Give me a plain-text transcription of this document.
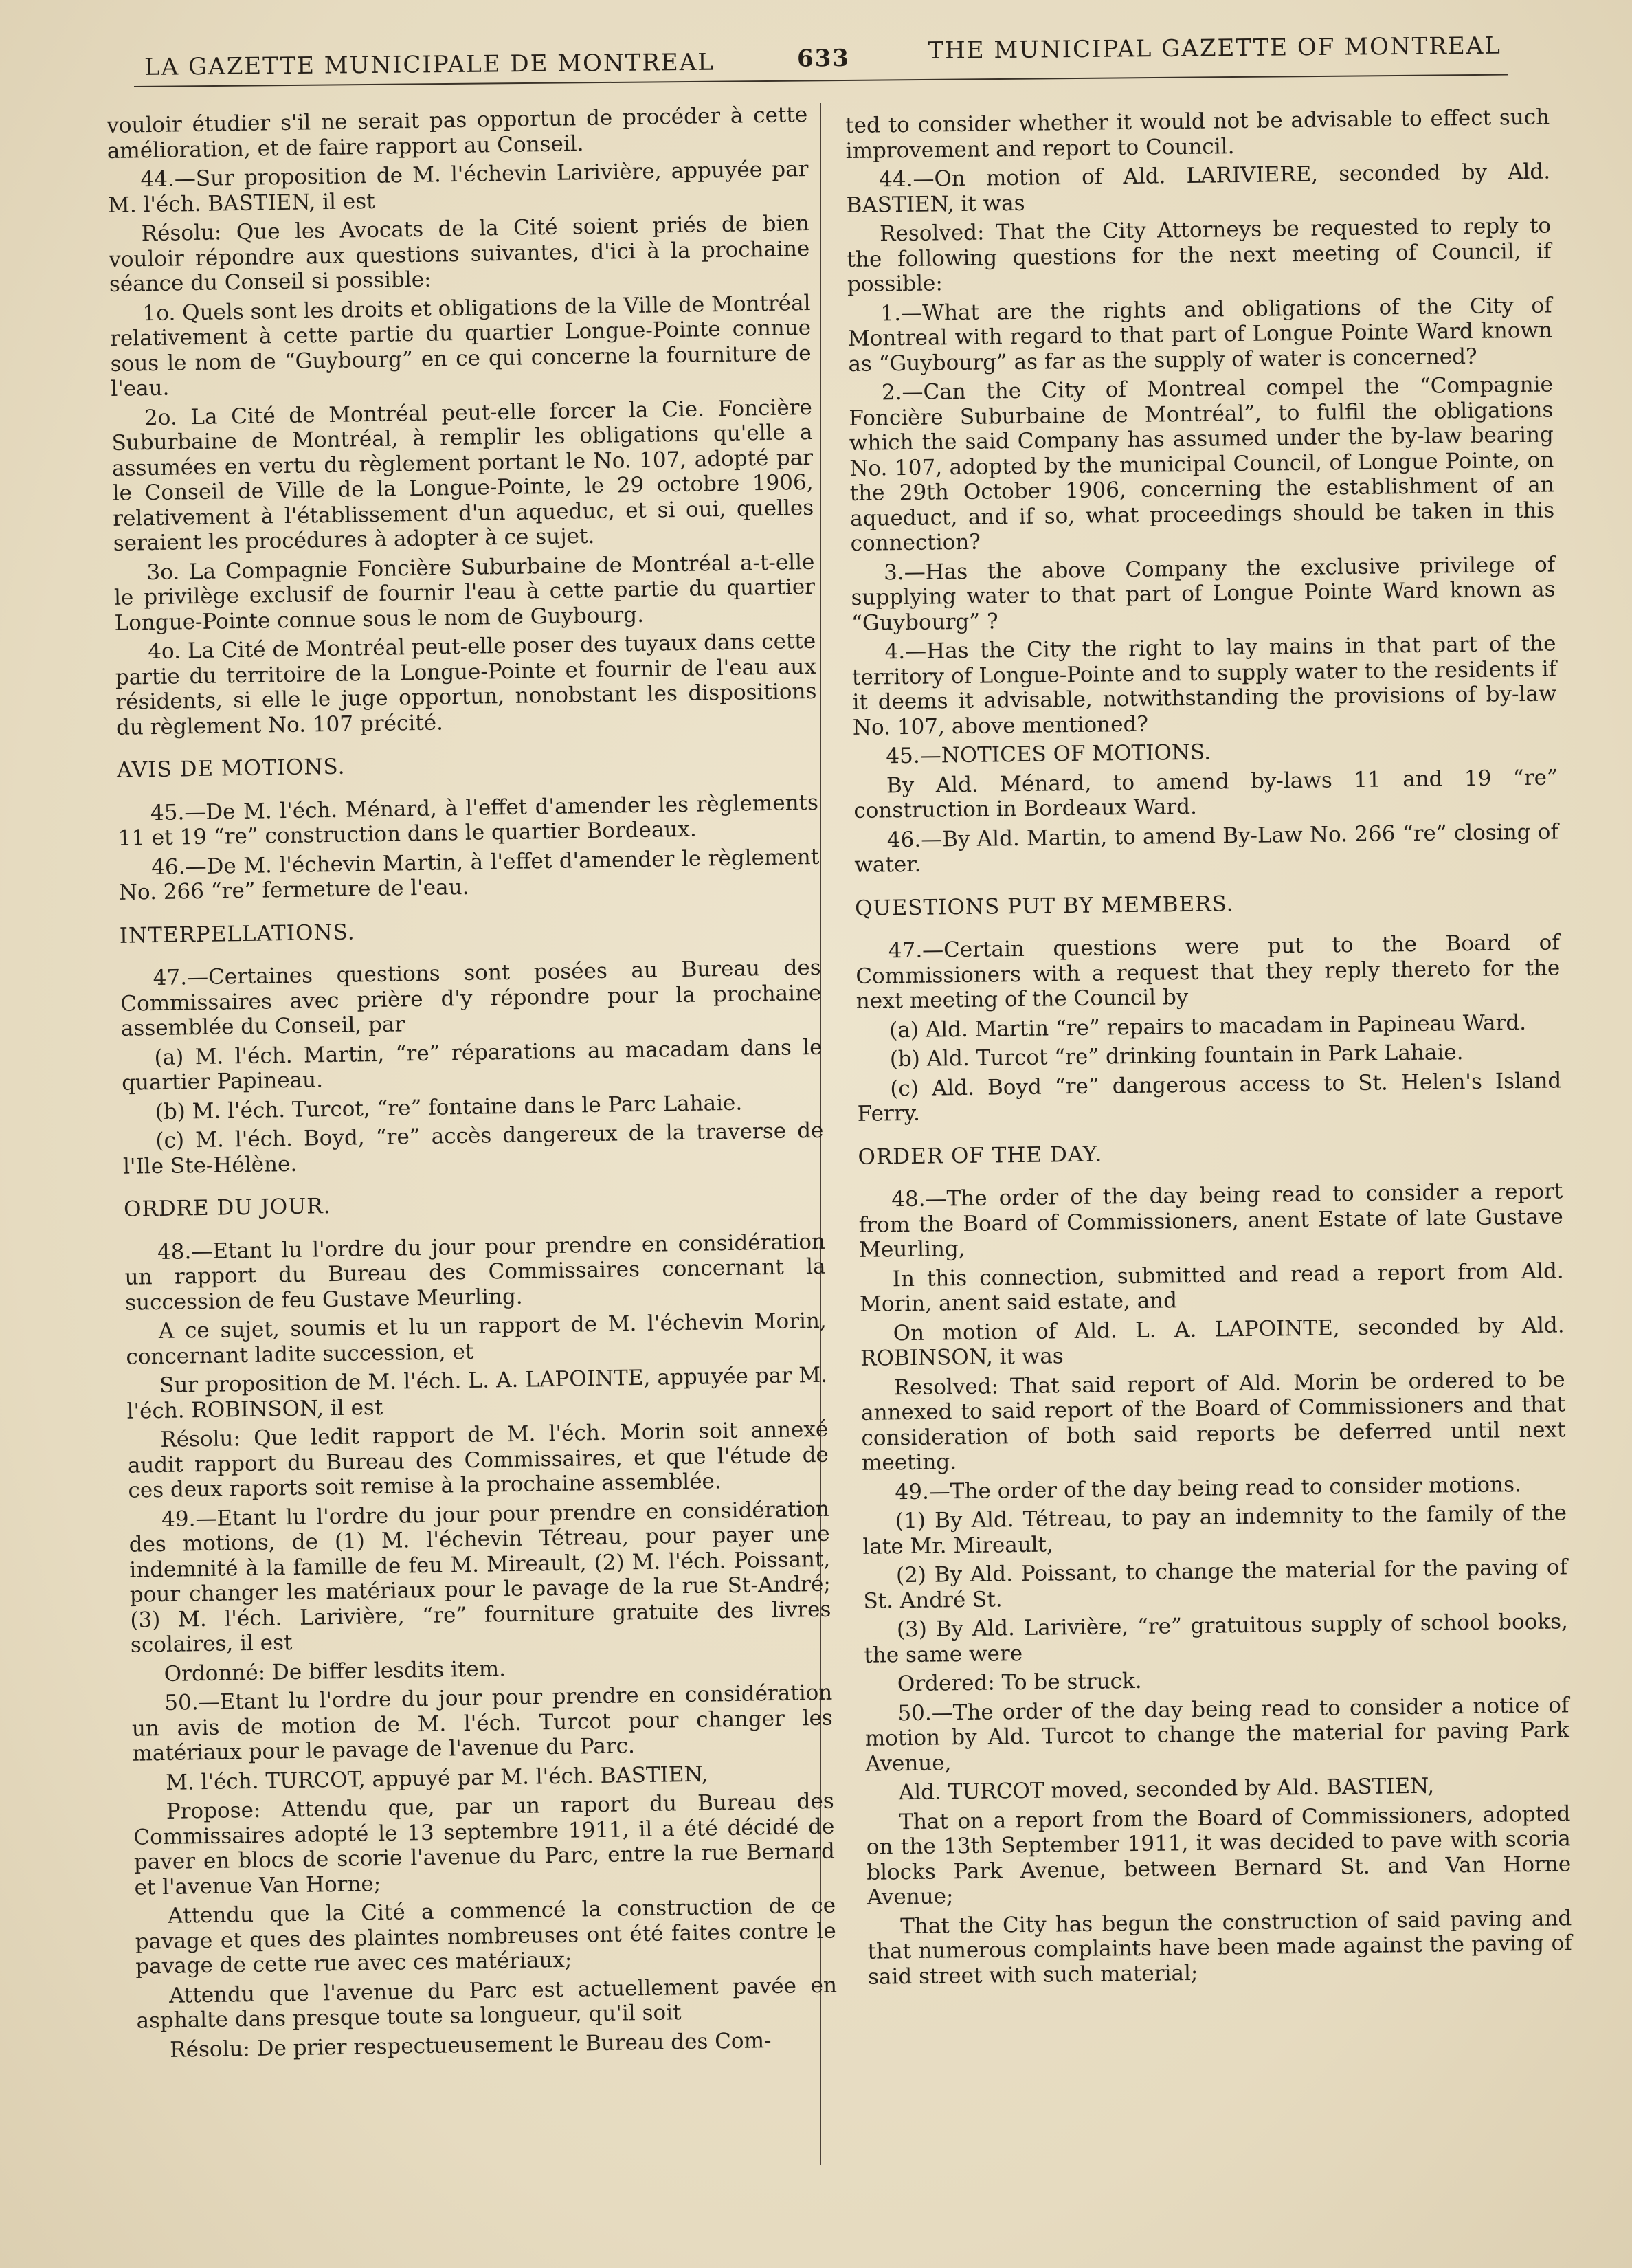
LA GAZETTE MUNICIPALE DE MONTREAL	633	THE MUNICIPAL GAZETTE OF MONTREAL

vouloir étudier s'il ne serait pas opportun de procéder à cette amélioration, et de faire rapport au Conseil.

44.—Sur proposition de M. l'échevin Larivière, appuyée par M. l'éch. BASTIEN, il est

Résolu: Que les Avocats de la Cité soient priés de bien vouloir répondre aux questions suivantes, d'ici à la prochaine séance du Conseil si possible:

1o. Quels sont les droits et obligations de la Ville de Montréal relativement à cette partie du quartier Longue-Pointe connue sous le nom de “Guybourg” en ce qui concerne la fourniture de l'eau.

2o. La Cité de Montréal peut-elle forcer la Cie. Foncière Suburbaine de Montréal, à remplir les obligations qu'elle a assumées en vertu du règlement portant le No. 107, adopté par le Conseil de Ville de la Longue-Pointe, le 29 octobre 1906, relativement à l'établissement d'un aqueduc, et si oui, quelles seraient les procédures à adopter à ce sujet.

3o. La Compagnie Foncière Suburbaine de Montréal a-t-elle le privilège exclusif de fournir l'eau à cette partie du quartier Longue-Pointe connue sous le nom de Guybourg.

4o. La Cité de Montréal peut-elle poser des tuyaux dans cette partie du territoire de la Longue-Pointe et fournir de l'eau aux résidents, si elle le juge opportun, nonobstant les dispositions du règlement No. 107 précité.

AVIS DE MOTIONS.

45.—De M. l'éch. Ménard, à l'effet d'amender les règlements 11 et 19 “re” construction dans le quartier Bordeaux.

46.—De M. l'échevin Martin, à l'effet d'amender le règlement No. 266 “re” fermeture de l'eau.

INTERPELLATIONS.

47.—Certaines questions sont posées au Bureau des Commissaires avec prière d'y répondre pour la prochaine assemblée du Conseil, par

(a) M. l'éch. Martin, “re” réparations au macadam dans le quartier Papineau.

(b) M. l'éch. Turcot, “re” fontaine dans le Parc Lahaie.

(c) M. l'éch. Boyd, “re” accès dangereux de la traverse de l'Ile Ste-Hélène.

ORDRE DU JOUR.

48.—Etant lu l'ordre du jour pour prendre en considération un rapport du Bureau des Commissaires concernant la succession de feu Gustave Meurling.

A ce sujet, soumis et lu un rapport de M. l'échevin Morin, concernant ladite succession, et

Sur proposition de M. l'éch. L. A. LAPOINTE, appuyée par M. l'éch. ROBINSON, il est

Résolu: Que ledit rapport de M. l'éch. Morin soit annexé audit rapport du Bureau des Commissaires, et que l'étude de ces deux raports soit remise à la prochaine assemblée.

49.—Etant lu l'ordre du jour pour prendre en considération des motions, de (1) M. l'échevin Tétreau, pour payer une indemnité à la famille de feu M. Mireault, (2) M. l'éch. Poissant, pour changer les matériaux pour le pavage de la rue St-André; (3) M. l'éch. Larivière, “re” fourniture gratuite des livres scolaires, il est

Ordonné: De biffer lesdits item.

50.—Etant lu l'ordre du jour pour prendre en considération un avis de motion de M. l'éch. Turcot pour changer les matériaux pour le pavage de l'avenue du Parc.

M. l'éch. TURCOT, appuyé par M. l'éch. BASTIEN,

Propose: Attendu que, par un raport du Bureau des Commissaires adopté le 13 septembre 1911, il a été décidé de paver en blocs de scorie l'avenue du Parc, entre la rue Bernard et l'avenue Van Horne;

Attendu que la Cité a commencé la construction de ce pavage et ques des plaintes nombreuses ont été faites contre le pavage de cette rue avec ces matériaux;

Attendu que l'avenue du Parc est actuellement pavée en asphalte dans presque toute sa longueur, qu'il soit

Résolu: De prier respectueusement le Bureau des Com-

ted to consider whether it would not be advisable to effect such improvement and report to Council.

44.—On motion of Ald. LARIVIERE, seconded by Ald. BASTIEN, it was

Resolved: That the City Attorneys be requested to reply to the following questions for the next meeting of Council, if possible:

1.—What are the rights and obligations of the City of Montreal with regard to that part of Longue Pointe Ward known as “Guybourg” as far as the supply of water is concerned?

2.—Can the City of Montreal compel the “Compagnie Foncière Suburbaine de Montréal”, to fulfil the obligations which the said Company has assumed under the by-law bearing No. 107, adopted by the municipal Council, of Longue Pointe, on the 29th October 1906, concerning the establishment of an aqueduct, and if so, what proceedings should be taken in this connection?

3.—Has the above Company the exclusive privilege of supplying water to that part of Longue Pointe Ward known as “Guybourg” ?

4.—Has the City the right to lay mains in that part of the territory of Longue-Pointe and to supply water to the residents if it deems it advisable, notwithstanding the provisions of by-law No. 107, above mentioned?

45.—NOTICES OF MOTIONS.

By Ald. Ménard, to amend by-laws 11 and 19 “re” construction in Bordeaux Ward.

46.—By Ald. Martin, to amend By-Law No. 266 “re” closing of water.

QUESTIONS PUT BY MEMBERS.

47.—Certain questions were put to the Board of Commissioners with a request that they reply thereto for the next meeting of the Council by

(a) Ald. Martin “re” repairs to macadam in Papineau Ward.

(b) Ald. Turcot “re” drinking fountain in Park Lahaie.

(c) Ald. Boyd “re” dangerous access to St. Helen's Island Ferry.

ORDER OF THE DAY.

48.—The order of the day being read to consider a report from the Board of Commissioners, anent Estate of late Gustave Meurling,

In this connection, submitted and read a report from Ald. Morin, anent said estate, and

On motion of Ald. L. A. LAPOINTE, seconded by Ald. ROBINSON, it was

Resolved: That said report of Ald. Morin be ordered to be annexed to said report of the Board of Commissioners and that consideration of both said reports be deferred until next meeting.

49.—The order of the day being read to consider motions.

(1) By Ald. Tétreau, to pay an indemnity to the family of the late Mr. Mireault,

(2) By Ald. Poissant, to change the material for the paving of St. André St.

(3) By Ald. Larivière, “re” gratuitous supply of school books, the same were

Ordered: To be struck.

50.—The order of the day being read to consider a notice of motion by Ald. Turcot to change the material for paving Park Avenue,

Ald. TURCOT moved, seconded by Ald. BASTIEN,

That on a report from the Board of Commissioners, adopted on the 13th September 1911, it was decided to pave with scoria blocks Park Avenue, between Bernard St. and Van Horne Avenue;

That the City has begun the construction of said paving and that numerous complaints have been made against the paving of said street with such material;
